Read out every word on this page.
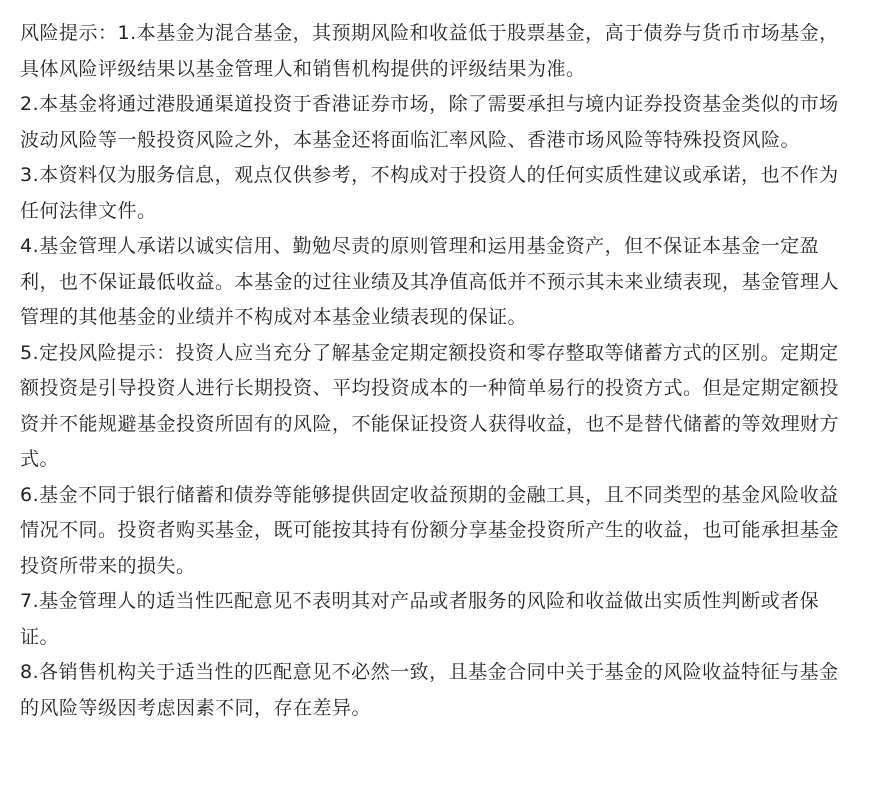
风险提示：1.本基金为混合基金，其预期风险和收益低于股票基金，高于债券与货币市场基金，具体风险评级结果以基金管理人和销售机构提供的评级结果为准。

2.本基金将通过港股通渠道投资于香港证券市场，除了需要承担与境内证券投资基金类似的市场波动风险等一般投资风险之外，本基金还将面临汇率风险、香港市场风险等特殊投资风险。

3.本资料仅为服务信息，观点仅供参考，不构成对于投资人的任何实质性建议或承诺，也不作为任何法律文件。

4.基金管理人承诺以诚实信用、勤勉尽责的原则管理和运用基金资产，但不保证本基金一定盈利，也不保证最低收益。本基金的过往业绩及其净值高低并不预示其未来业绩表现，基金管理人管理的其他基金的业绩并不构成对本基金业绩表现的保证。

5.定投风险提示：投资人应当充分了解基金定期定额投资和零存整取等储蓄方式的区别。定期定额投资是引导投资人进行长期投资、平均投资成本的一种简单易行的投资方式。但是定期定额投资并不能规避基金投资所固有的风险，不能保证投资人获得收益，也不是替代储蓄的等效理财方式。

6.基金不同于银行储蓄和债券等能够提供固定收益预期的金融工具，且不同类型的基金风险收益情况不同。投资者购买基金，既可能按其持有份额分享基金投资所产生的收益，也可能承担基金投资所带来的损失。

7.基金管理人的适当性匹配意见不表明其对产品或者服务的风险和收益做出实质性判断或者保证。

8.各销售机构关于适当性的匹配意见不必然一致，且基金合同中关于基金的风险收益特征与基金的风险等级因考虑因素不同，存在差异。
